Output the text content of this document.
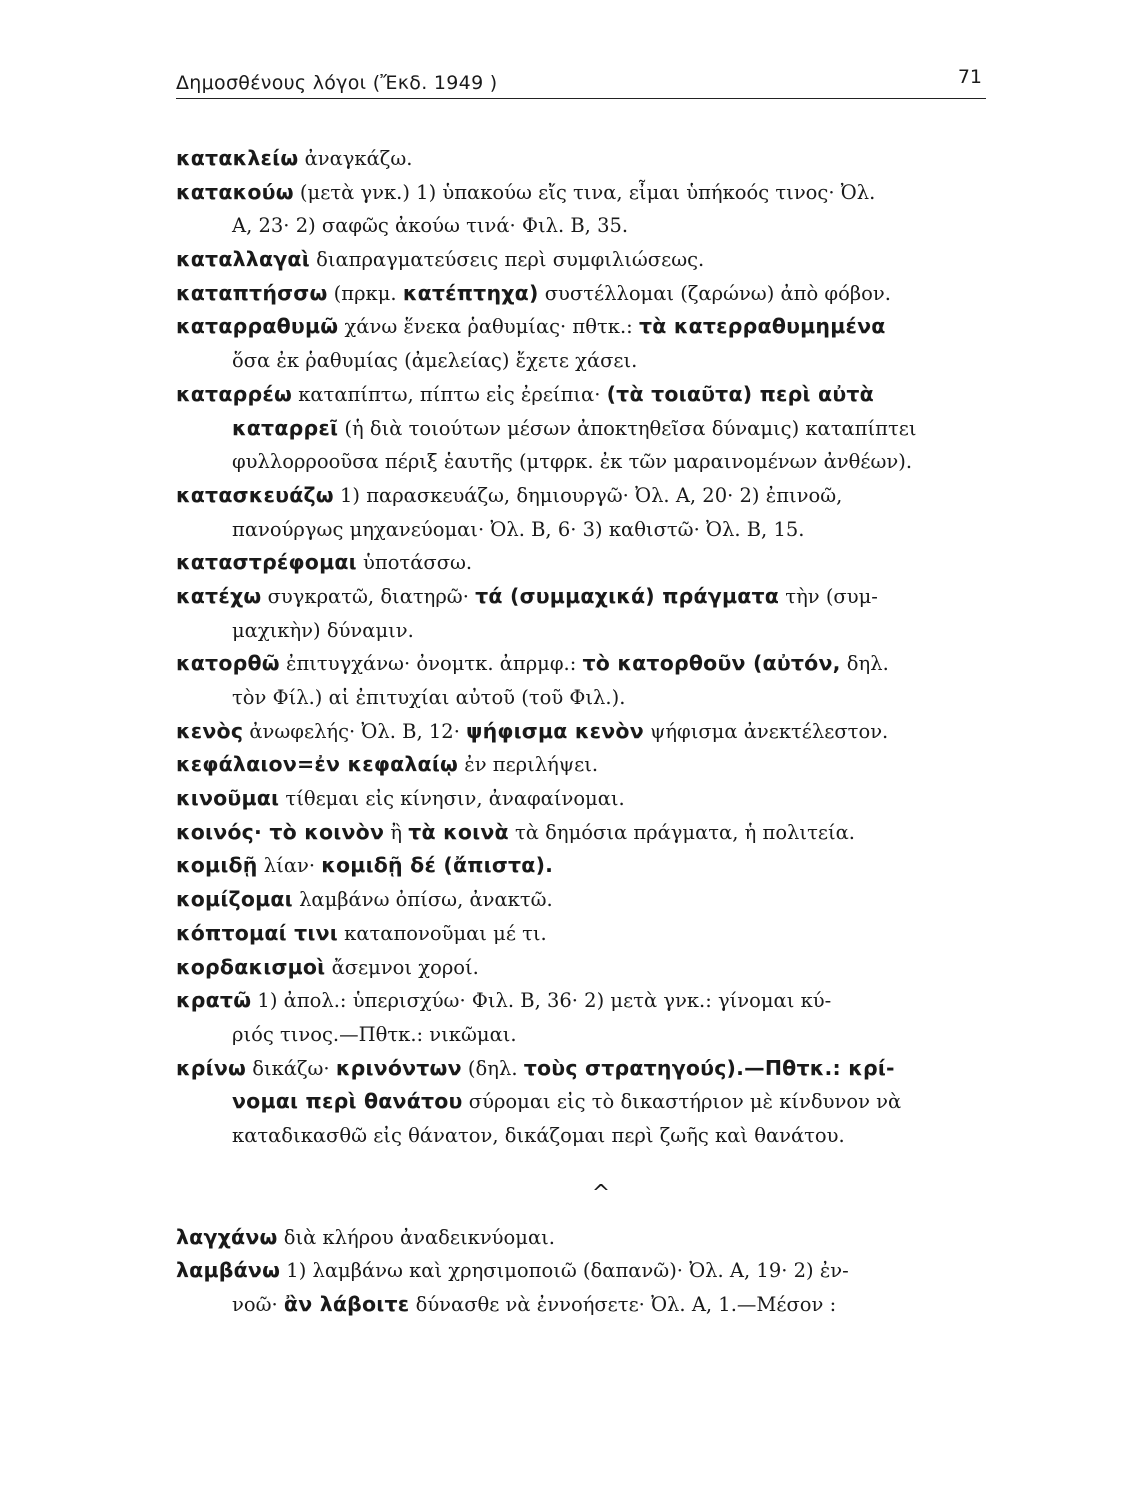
Δημοσθένους λόγοι (Ἔκδ. 1949 )	71
κατακλείω ἀναγκάζω.
κατακούω (μετὰ γνκ.) 1) ὑπακούω εἴς τινα, εἶμαι ὑπήκοός τινος· Ὀλ.
Α, 23· 2) σαφῶς ἀκούω τινά· Φιλ. Β, 35.
καταλλαγαὶ διαπραγματεύσεις περὶ συμφιλιώσεως.
καταπτήσσω (πρκμ. κατέπτηχα) συστέλλομαι (ζαρώνω) ἀπὸ φόβον.
καταρραθυμῶ χάνω ἕνεκα ῥαθυμίας· πθτκ.: τὰ κατερραθυμημένα
ὅσα ἐκ ῥαθυμίας (ἀμελείας) ἔχετε χάσει.
καταρρέω καταπίπτω, πίπτω εἰς ἐρείπια· (τὰ τοιαῦτα) περὶ αὐτὰ
καταρρεῖ (ἡ διὰ τοιούτων μέσων ἀποκτηθεῖσα δύναμις) καταπίπτει
φυλλορροοῦσα πέριξ ἑαυτῆς (μτφρκ. ἐκ τῶν μαραινομένων ἀνθέων).
κατασκευάζω 1) παρασκευάζω, δημιουργῶ· Ὀλ. Α, 20· 2) ἐπινοῶ,
πανούργως μηχανεύομαι· Ὀλ. Β, 6· 3) καθιστῶ· Ὀλ. Β, 15.
καταστρέφομαι ὑποτάσσω.
κατέχω συγκρατῶ, διατηρῶ· τά (συμμαχικά) πράγματα τὴν (συμ-
μαχικὴν) δύναμιν.
κατορθῶ ἐπιτυγχάνω· ὀνομτκ. ἀπρμφ.: τὸ κατορθοῦν (αὐτόν, δηλ.
τὸν Φίλ.) αἱ ἐπιτυχίαι αὐτοῦ (τοῦ Φιλ.).
κενὸς ἀνωφελής· Ὀλ. Β, 12· ψήφισμα κενὸν ψήφισμα ἀνεκτέλεστον.
κεφάλαιον=ἐν κεφαλαίῳ ἐν περιλήψει.
κινοῦμαι τίθεμαι εἰς κίνησιν, ἀναφαίνομαι.
κοινός· τὸ κοινὸν ἢ τὰ κοινὰ τὰ δημόσια πράγματα, ἡ πολιτεία.
κομιδῇ λίαν· κομιδῇ δέ (ἄπιστα).
κομίζομαι λαμβάνω ὀπίσω, ἀνακτῶ.
κόπτομαί τινι καταπονοῦμαι μέ τι.
κορδακισμοὶ ἄσεμνοι χοροί.
κρατῶ 1) ἀπολ.: ὑπερισχύω· Φιλ. Β, 36· 2) μετὰ γνκ.: γίνομαι κύ-
ριός τινος.—Πθτκ.: νικῶμαι.
κρίνω δικάζω· κρινόντων (δηλ. τοὺς στρατηγούς).—Πθτκ.: κρί-
νομαι περὶ θανάτου σύρομαι εἰς τὸ δικαστήριον μὲ κίνδυνον νὰ
καταδικασθῶ εἰς θάνατον, δικάζομαι περὶ ζωῆς καὶ θανάτου.
^
λαγχάνω διὰ κλήρου ἀναδεικνύομαι.
λαμβάνω 1) λαμβάνω καὶ χρησιμοποιῶ (δαπανῶ)· Ὀλ. Α, 19· 2) ἐν-
νοῶ· ἂν λάβοιτε δύνασθε νὰ ἐννοήσετε· Ὀλ. Α, 1.—Μέσον :
